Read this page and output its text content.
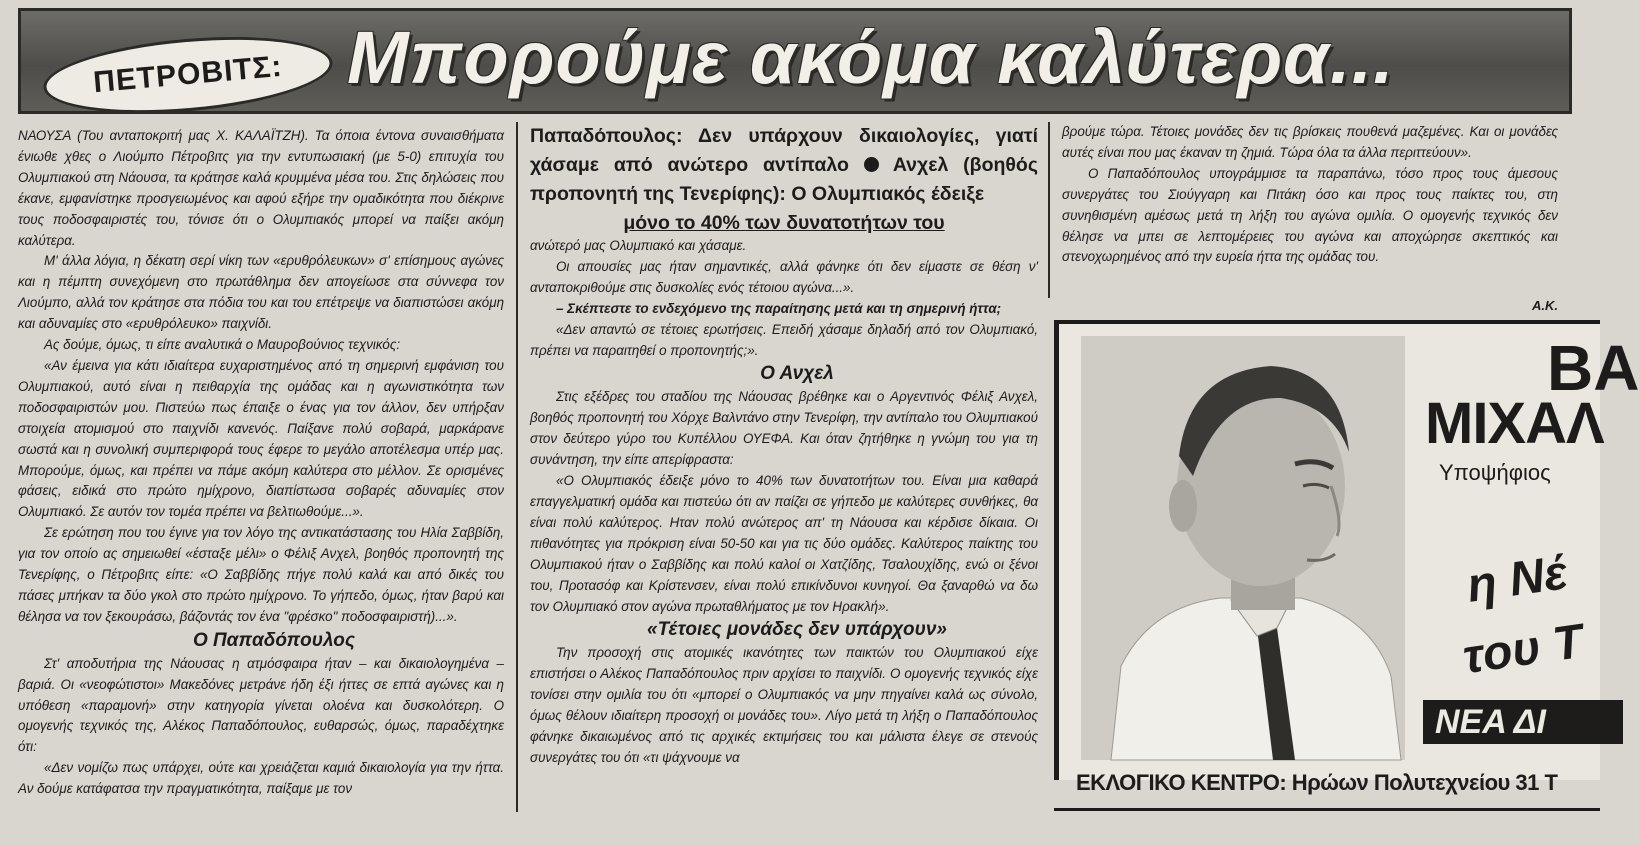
ΠΕΤΡΟΒΙΤΣ: Μπορούμε ακόμα καλύτερα...

ΝΑΟΥΣΑ (Του ανταποκριτή μας Χ. ΚΑΛΑΪΤΖΗ). Τα όποια έντονα συναισθήματα ένιωθε χθες ο Λιούμπο Πέτροβιτς για την εντυπωσιακή (με 5-0) επιτυχία του Ολυμπιακού στη Νάουσα, τα κράτησε καλά κρυμμένα μέσα του. Στις δηλώσεις που έκανε, εμφανίστηκε προσγειωμένος και αφού εξήρε την ομαδικότητα που διέκρινε τους ποδοσφαιριστές του, τόνισε ότι ο Ολυμπιακός μπορεί να παίξει ακόμη καλύτερα.

Μ' άλλα λόγια, η δέκατη σερί νίκη των «ερυθρόλευκων» σ' επίσημους αγώνες και η πέμπτη συνεχόμενη στο πρωτάθλημα δεν απογείωσε στα σύννεφα τον Λιούμπο, αλλά τον κράτησε στα πόδια του και του επέτρεψε να διαπιστώσει ακόμη και αδυναμίες στο «ερυθρόλευκο» παιχνίδι.

Ας δούμε, όμως, τι είπε αναλυτικά ο Μαυροβούνιος τεχνικός:

«Αν έμεινα για κάτι ιδιαίτερα ευχαριστημένος από τη σημερινή εμφάνιση του Ολυμπιακού, αυτό είναι η πειθαρχία της ομάδας και η αγωνιστικότητα των ποδοσφαιριστών μου. Πιστεύω πως έπαιξε ο ένας για τον άλλον, δεν υπήρξαν στοιχεία ατομισμού στο παιχνίδι κανενός. Παίξανε πολύ σοβαρά, μαρκάρανε σωστά και η συνολική συμπεριφορά τους έφερε το μεγάλο αποτέλεσμα υπέρ μας. Μπορούμε, όμως, και πρέπει να πάμε ακόμη καλύτερα στο μέλλον. Σε ορισμένες φάσεις, ειδικά στο πρώτο ημίχρονο, διαπίστωσα σοβαρές αδυναμίες στον Ολυμπιακό. Σε αυτόν τον τομέα πρέπει να βελτιωθούμε...».

Σε ερώτηση που του έγινε για τον λόγο της αντικατάστασης του Ηλία Σαββίδη, για τον οποίο ας σημειωθεί «έσταξε μέλι» ο Φέλιξ Ανχελ, βοηθός προπονητή της Τενερίφης, ο Πέτροβιτς είπε: «Ο Σαββίδης πήγε πολύ καλά και από δικές του πάσες μπήκαν τα δύο γκολ στο πρώτο ημίχρονο. Το γήπεδο, όμως, ήταν βαρύ και θέλησα να τον ξεκουράσω, βάζοντάς τον ένα "φρέσκο" ποδοσφαιριστή)...».

Ο Παπαδόπουλος

Στ' αποδυτήρια της Νάουσας η ατμόσφαιρα ήταν – και δικαιολογημένα – βαριά. Οι «νεοφώτιστοι» Μακεδόνες μετράνε ήδη έξι ήττες σε επτά αγώνες και η υπόθεση «παραμονή» στην κατηγορία γίνεται ολοένα και δυσκολότερη. Ο ομογενής τεχνικός της, Αλέκος Παπαδόπουλος, ευθαρσώς, όμως, παραδέχτηκε ότι:

«Δεν νομίζω πως υπάρχει, ούτε και χρειάζεται καμιά δικαιολογία για την ήττα. Αν δούμε κατάφατσα την πραγματικότητα, παίξαμε με τον

Παπαδόπουλος: Δεν υπάρχουν δικαιολογίες, γιατί χάσαμε από ανώτερο αντίπαλο Ανχελ (βοηθός προπονητή της Τενερίφης): Ο Ολυμπιακός έδειξε
μόνο το 40% των δυνατοτήτων του

ανώτερό μας Ολυμπιακό και χάσαμε.

Οι απουσίες μας ήταν σημαντικές, αλλά φάνηκε ότι δεν είμαστε σε θέση ν' ανταποκριθούμε στις δυσκολίες ενός τέτοιου αγώνα...».

– Σκέπτεστε το ενδεχόμενο της παραίτησης μετά και τη σημερινή ήττα;

«Δεν απαντώ σε τέτοιες ερωτήσεις. Επειδή χάσαμε δηλαδή από τον Ολυμπιακό, πρέπει να παραιτηθεί ο προπονητής;».

Ο Ανχελ

Στις εξέδρες του σταδίου της Νάουσας βρέθηκε και ο Αργεντινός Φέλιξ Ανχελ, βοηθός προπονητή του Χόρχε Βαλντάνο στην Τενερίφη, την αντίπαλο του Ολυμπιακού στον δεύτερο γύρο του Κυπέλλου ΟΥΕΦΑ. Και όταν ζητήθηκε η γνώμη του για τη συνάντηση, την είπε απερίφραστα:

«Ο Ολυμπιακός έδειξε μόνο το 40% των δυνατοτήτων του. Είναι μια καθαρά επαγγελματική ομάδα και πιστεύω ότι αν παίζει σε γήπεδο με καλύτερες συνθήκες, θα είναι πολύ καλύτερος. Ηταν πολύ ανώτερος απ' τη Νάουσα και κέρδισε δίκαια. Οι πιθανότητες για πρόκριση είναι 50-50 και για τις δύο ομάδες. Καλύτερος παίκτης του Ολυμπιακού ήταν ο Σαββίδης και πολύ καλοί οι Χατζίδης, Τσαλουχίδης, ενώ οι ξένοι του, Προτασόφ και Κρίστενσεν, είναι πολύ επικίνδυνοι κυνηγοί. Θα ξαναρθώ να δω τον Ολυμπιακό στον αγώνα πρωταθλήματος με τον Ηρακλή».

«Τέτοιες μονάδες δεν υπάρχουν»

Την προσοχή στις ατομικές ικανότητες των παικτών του Ολυμπιακού είχε επιστήσει ο Αλέκος Παπαδόπουλος πριν αρχίσει το παιχνίδι. Ο ομογενής τεχνικός είχε τονίσει στην ομιλία του ότι «μπορεί ο Ολυμπιακός να μην πηγαίνει καλά ως σύνολο, όμως θέλουν ιδιαίτερη προσοχή οι μονάδες του». Λίγο μετά τη λήξη ο Παπαδόπουλος φάνηκε δικαιωμένος από τις αρχικές εκτιμήσεις του και μάλιστα έλεγε σε στενούς συνεργάτες του ότι «τι ψάχνουμε να

βρούμε τώρα. Τέτοιες μονάδες δεν τις βρίσκεις πουθενά μαζεμένες. Και οι μονάδες αυτές είναι που μας έκαναν τη ζημιά. Τώρα όλα τα άλλα περιττεύουν».

Ο Παπαδόπουλος υπογράμμισε τα παραπάνω, τόσο προς τους άμεσους συνεργάτες του Σιούγγαρη και Πιτάκη όσο και προς τους παίκτες του, στη συνηθισμένη αμέσως μετά τη λήξη του αγώνα ομιλία. Ο ομογενής τεχνικός δεν θέλησε να μπει σε λεπτομέρειες του αγώνα και αποχώρησε σκεπτικός και στενοχωρημένος από την ευρεία ήττα της ομάδας του.

Α.Κ.
ΒΑ
ΜΙΧΑΛ
Υποψήφιος
η Νέ
του Τ
ΝΕΑ ΔΙ
ΕΚΛΟΓΙΚΟ ΚΕΝΤΡΟ: Ηρώων Πολυτεχνείου 31 Τ
